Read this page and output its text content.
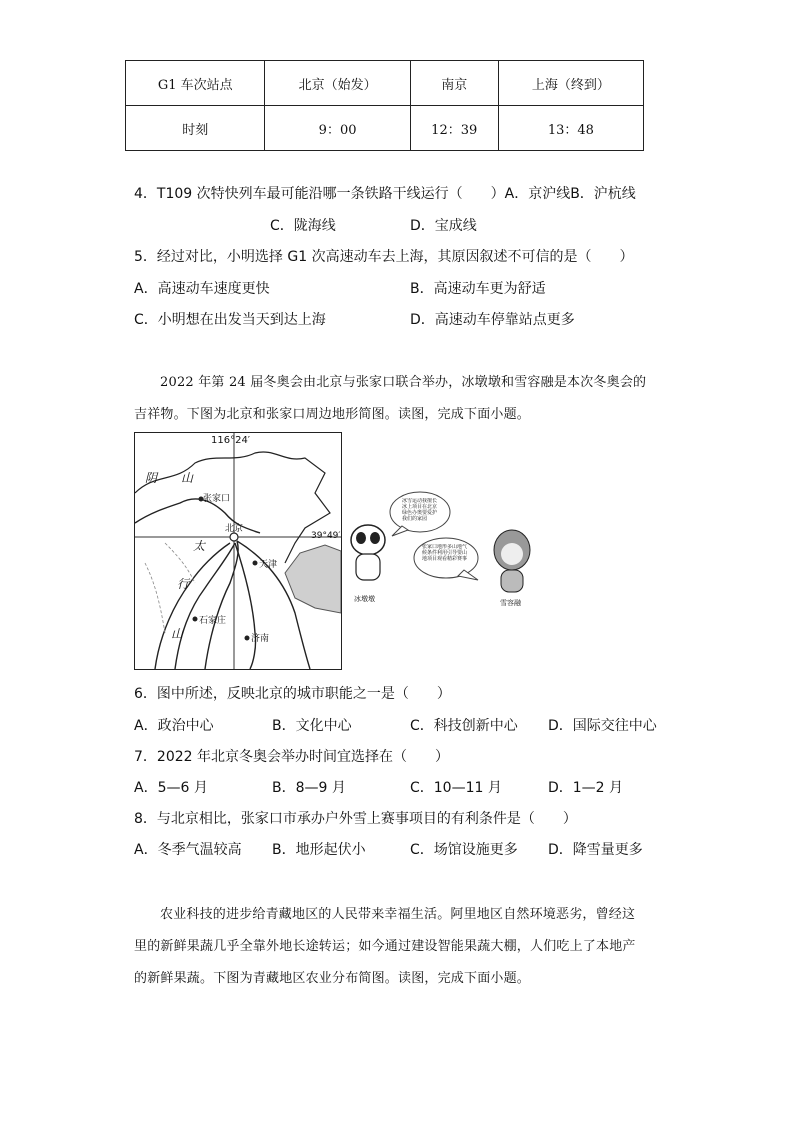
G1 车次站点	北京（始发）	南京	上海（终到）
时刻	9：00	12：39	13：48
4．T109 次特快列车最可能沿哪一条铁路干线运行（　　）A．京沪线B．沪杭线
C．陇海线	D．宝成线
5．经过对比，小明选择 G1 次高速动车去上海，其原因叙述不可信的是（　　）
A．高速动车速度更快	B．高速动车更为舒适
C．小明想在出发当天到达上海	D．高速动车停靠站点更多
2022 年第 24 届冬奥会由北京与张家口联合举办，冰墩墩和雪容融是本次冬奥会的
吉祥物。下图为北京和张家口周边地形简图。读图，完成下面小题。
116°24′
39°49′
张家口
北京
天津
石家庄
济南
阴 山
太
行
山
冰雪运动我擅长冰上项目在北京绿色办奥要爱护我们的家园
张家口地形多山地气候条件利用引导要山地项目观看精彩赛事
冰墩墩	雪容融
6．图中所述，反映北京的城市职能之一是（　　）
A．政治中心	B．文化中心	C．科技创新中心 D．国际交往中心
7．2022 年北京冬奥会举办时间宜选择在（　　）
A．5—6 月	B．8—9 月	C．10—11 月	D．1—2 月
8．与北京相比，张家口市承办户外雪上赛事项目的有利条件是（　　）
A．冬季气温较高 B．地形起伏小	C．场馆设施更多 D．降雪量更多
农业科技的进步给青藏地区的人民带来幸福生活。阿里地区自然环境恶劣，曾经这
里的新鲜果蔬几乎全靠外地长途转运；如今通过建设智能果蔬大棚，人们吃上了本地产
的新鲜果蔬。下图为青藏地区农业分布简图。读图，完成下面小题。
